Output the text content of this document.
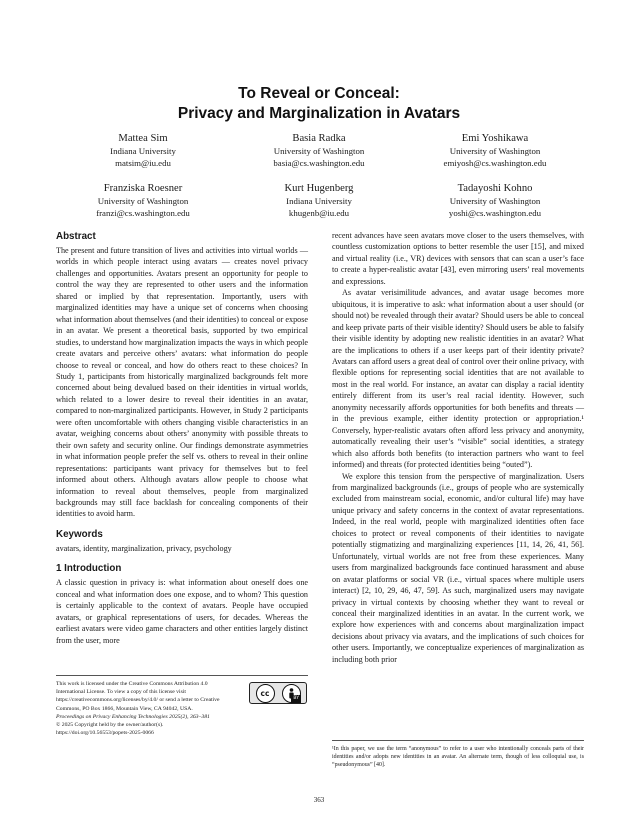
To Reveal or Conceal:
Privacy and Marginalization in Avatars
Mattea Sim
Indiana University
matsim@iu.edu
Basia Radka
University of Washington
basia@cs.washington.edu
Emi Yoshikawa
University of Washington
emiyosh@cs.washington.edu
Franziska Roesner
University of Washington
franzi@cs.washington.edu
Kurt Hugenberg
Indiana University
khugenb@iu.edu
Tadayoshi Kohno
University of Washington
yoshi@cs.washington.edu
Abstract

The present and future transition of lives and activities into virtual worlds — worlds in which people interact using avatars — creates novel privacy challenges and opportunities. Avatars present an opportunity for people to control the way they are represented to other users and the information shared or implied by that representation. Importantly, users with marginalized identities may have a unique set of concerns when choosing what information about themselves (and their identities) to conceal or expose in an avatar. We present a theoretical basis, supported by two empirical studies, to understand how marginalization impacts the ways in which people create avatars and perceive others’ avatars: what information do people choose to reveal or conceal, and how do others react to these choices? In Study 1, participants from historically marginalized backgrounds felt more concerned about being devalued based on their identities in virtual worlds, which related to a lower desire to reveal their identities in an avatar, compared to non-marginalized participants. However, in Study 2 participants were often uncomfortable with others changing visible characteristics in an avatar, weighing concerns about others’ anonymity with possible threats to their own safety and security online. Our findings demonstrate asymmetries in what information people prefer the self vs. others to reveal in their online representations: participants want privacy for themselves but to feel informed about others. Although avatars allow people to choose what information to reveal about themselves, people from marginalized backgrounds may still face backlash for concealing components of their identities to avoid harm.

Keywords

avatars, identity, marginalization, privacy, psychology

1 Introduction

A classic question in privacy is: what information about oneself does one conceal and what information does one expose, and to whom? This question is certainly applicable to the context of avatars. People have occupied avatars, or graphical representations of users, for decades. Whereas the earliest avatars were video game characters and other entities largely distinct from the user, more

This work is licensed under the Creative Commons Attribution 4.0 International License. To view a copy of this license visit https://creativecommons.org/licenses/by/4.0/ or send a letter to Creative Commons, PO Box 1866, Mountain View, CA 94042, USA.
Proceedings on Privacy Enhancing Technologies 2025(2), 363–381
© 2025 Copyright held by the owner/author(s).
https://doi.org/10.56553/popets-2025-0066
cc
BY

recent advances have seen avatars move closer to the users themselves, with countless customization options to better resemble the user [15], and mixed and virtual reality (i.e., VR) devices with sensors that can scan a user’s face to create a hyper-realistic avatar [43], even mirroring users’ real movements and expressions.

As avatar verisimilitude advances, and avatar usage becomes more ubiquitous, it is imperative to ask: what information about a user should (or should not) be revealed through their avatar? Should users be able to conceal and keep private parts of their visible identity? Should users be able to falsify their visible identity by adopting new realistic identities in an avatar? What are the implications to others if a user keeps part of their identity private? Avatars can afford users a great deal of control over their online privacy, with flexible options for representing social identities that are not available to most in the real world. For instance, an avatar can display a racial identity entirely different from its user’s real racial identity. However, such anonymity necessarily affords opportunities for both benefits and threats — in the previous example, either identity protection or appropriation.¹ Conversely, hyper-realistic avatars often afford less privacy and anonymity, automatically revealing their user’s “visible” social identities, a strategy which also affords both benefits (to interaction partners who want to feel informed) and threats (for protected identities being “outed”).

We explore this tension from the perspective of marginalization. Users from marginalized backgrounds (i.e., groups of people who are systemically excluded from mainstream social, economic, and/or cultural life) may have unique privacy and safety concerns in the context of avatar representations. Indeed, in the real world, people with marginalized identities often face choices to protect or reveal components of their identities to navigate potentially stigmatizing and marginalizing experiences [11, 14, 26, 41, 56]. Unfortunately, virtual worlds are not free from these experiences. Many users from marginalized backgrounds face continued harassment and abuse on avatar platforms or social VR (i.e., virtual spaces where multiple users interact) [2, 10, 29, 46, 47, 59]. As such, marginalized users may navigate privacy in virtual contexts by choosing whether they want to reveal or conceal their marginalized identities in an avatar. In the current work, we explore how experiences with and concerns about marginalization impact decisions about privacy via avatars, and the implications of such choices for other users. Importantly, we conceptualize experiences of marginalization as including both prior

¹In this paper, we use the term “anonymous” to refer to a user who intentionally conceals parts of their identities and/or adopts new identities in an avatar. An alternate term, though of less colloquial use, is “pseudonymous” [40].
363
